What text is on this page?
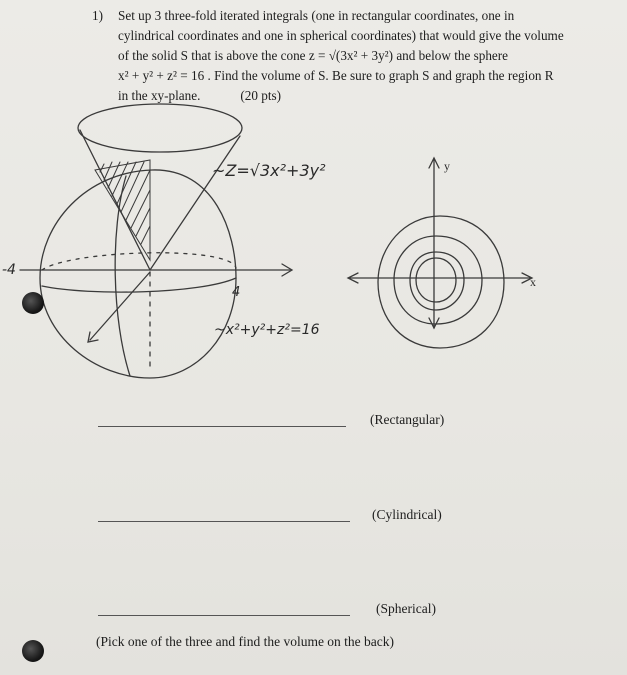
1) Set up 3 three-fold iterated integrals (one in rectangular coordinates, one in
cylindrical coordinates and one in spherical coordinates) that would give the volume
of the solid S that is above the cone z = √(3x² + 3y²) and below the sphere
x² + y² + z² = 16 . Find the volume of S. Be sure to graph S and graph the region R
in the xy-plane.	(20 pts)
4
-4
~Z=√3x²+3y²
~x²+y²+z²=16
y
x
(Rectangular)
(Cylindrical)
(Spherical)
(Pick one of the three and find the volume on the back)
